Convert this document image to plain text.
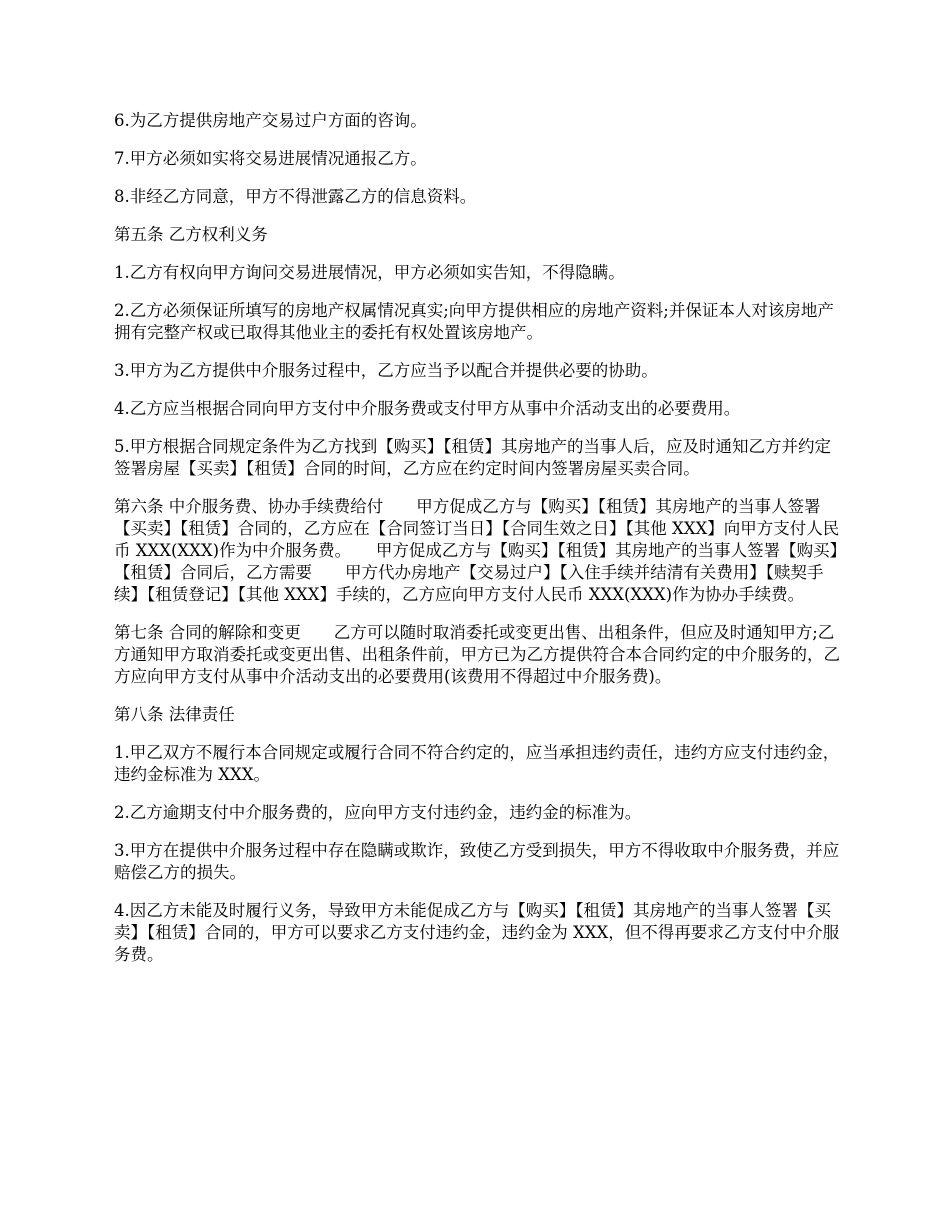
6.为乙方提供房地产交易过户方面的咨询。

7.甲方必须如实将交易进展情况通报乙方。

8.非经乙方同意，甲方不得泄露乙方的信息资料。

第五条 乙方权利义务

1.乙方有权向甲方询问交易进展情况，甲方必须如实告知，不得隐瞒。

2.乙方必须保证所填写的房地产权属情况真实;向甲方提供相应的房地产资料;并保证本人对该房地产拥有完整产权或已取得其他业主的委托有权处置该房地产。

3.甲方为乙方提供中介服务过程中，乙方应当予以配合并提供必要的协助。

4.乙方应当根据合同向甲方支付中介服务费或支付甲方从事中介活动支出的必要费用。

5.甲方根据合同规定条件为乙方找到【购买】【租赁】其房地产的当事人后，应及时通知乙方并约定签署房屋【买卖】【租赁】合同的时间，乙方应在约定时间内签署房屋买卖合同。

第六条 中介服务费、协办手续费给付　　甲方促成乙方与【购买】【租赁】其房地产的当事人签署【买卖】【租赁】合同的，乙方应在【合同签订当日】【合同生效之日】【其他 XXX】向甲方支付人民币 XXX(XXX)作为中介服务费。　　甲方促成乙方与【购买】【租赁】其房地产的当事人签署【购买】【租赁】合同后，乙方需要　　甲方代办房地产【交易过户】【入住手续并结清有关费用】【赎契手续】【租赁登记】【其他 XXX】手续的，乙方应向甲方支付人民币 XXX(XXX)作为协办手续费。

第七条 合同的解除和变更　　乙方可以随时取消委托或变更出售、出租条件，但应及时通知甲方;乙方通知甲方取消委托或变更出售、出租条件前，甲方已为乙方提供符合本合同约定的中介服务的，乙方应向甲方支付从事中介活动支出的必要费用(该费用不得超过中介服务费)。

第八条 法律责任

1.甲乙双方不履行本合同规定或履行合同不符合约定的，应当承担违约责任，违约方应支付违约金，违约金标准为 XXX。

2.乙方逾期支付中介服务费的，应向甲方支付违约金，违约金的标准为。

3.甲方在提供中介服务过程中存在隐瞒或欺诈，致使乙方受到损失，甲方不得收取中介服务费，并应赔偿乙方的损失。

4.因乙方未能及时履行义务，导致甲方未能促成乙方与【购买】【租赁】其房地产的当事人签署【买卖】【租赁】合同的，甲方可以要求乙方支付违约金，违约金为 XXX，但不得再要求乙方支付中介服务费。
